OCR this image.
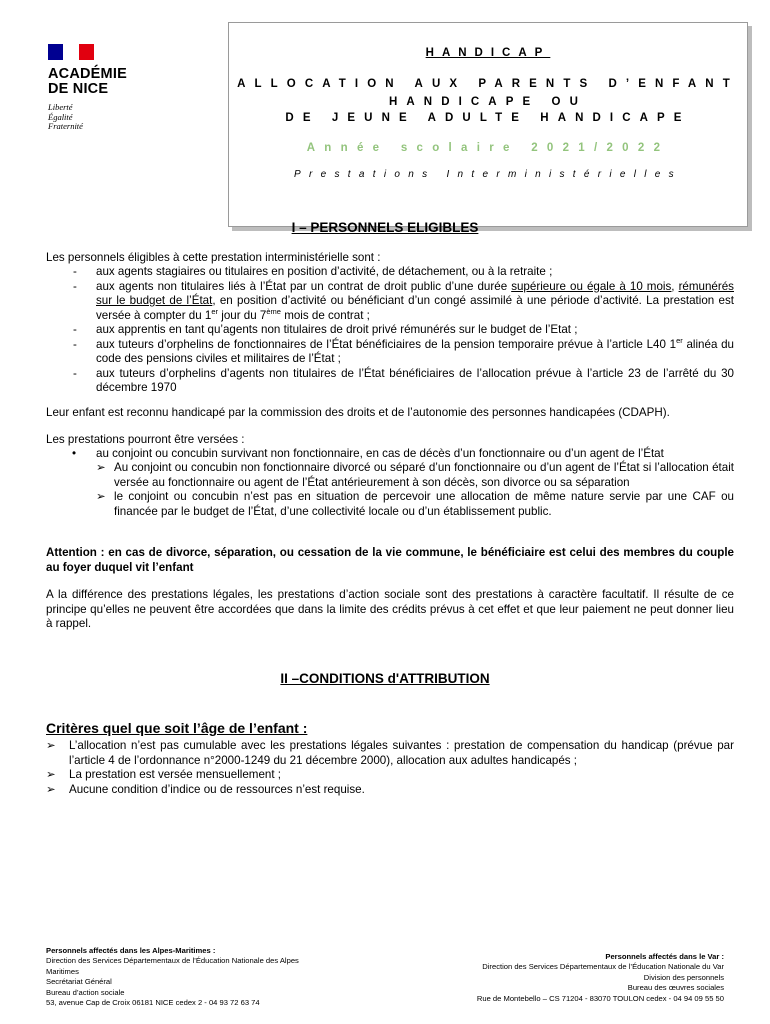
ACADÉMIE
DE NICE
Liberté
Égalité
Fraternité
HANDICAP
ALLOCATION AUX PARENTS D’ENFANT
HANDICAPE OU
DE JEUNE ADULTE HANDICAPE
Année scolaire 2021/2022
Prestations Interministérielles
I – PERSONNELS ELIGIBLES

Les personnels éligibles à cette prestation interministérielle sont :

- aux agents stagiaires ou titulaires en position d’activité, de détachement, ou à la retraite ;
- aux agents non titulaires liés à l’État par un contrat de droit public d’une durée supérieure ou égale à 10 mois, rémunérés sur le budget de l’État, en position d’activité ou bénéficiant d’un congé assimilé à une période d’activité. La prestation est versée à compter du 1er jour du 7ème mois de contrat ;
- aux apprentis en tant qu’agents non titulaires de droit privé rémunérés sur le budget de l’Etat ;
- aux tuteurs d’orphelins de fonctionnaires de l’État bénéficiaires de la pension temporaire prévue à l’article L40 1er alinéa du code des pensions civiles et militaires de l’État ;
- aux tuteurs d’orphelins d’agents non titulaires de l’État bénéficiaires de l’allocation prévue à l’article 23 de l’arrêté du 30 décembre 1970

Leur enfant est reconnu handicapé par la commission des droits et de l’autonomie des personnes handicapées (CDAPH).

Les prestations pourront être versées :

•	au conjoint ou concubin survivant non fonctionnaire, en cas de décès d’un fonctionnaire ou d’un agent de l’État
➢ Au conjoint ou concubin non fonctionnaire divorcé ou séparé d’un fonctionnaire ou d’un agent de l’État si l’allocation était versée au fonctionnaire ou agent de l’État antérieurement à son décès, son divorce ou sa séparation
➢ le conjoint ou concubin n’est pas en situation de percevoir une allocation de même nature servie par une CAF ou financée par le budget de l’État, d’une collectivité locale ou d’un établissement public.

Attention : en cas de divorce, séparation, ou cessation de la vie commune, le bénéficiaire est celui des membres du couple au foyer duquel vit l’enfant

A la différence des prestations légales, les prestations d’action sociale sont des prestations à caractère facultatif. Il résulte de ce principe qu’elles ne peuvent être accordées que dans la limite des crédits prévus à cet effet et que leur paiement ne peut donner lieu à rappel.

II –CONDITIONS d'ATTRIBUTION
Critères quel que soit l’âge de l’enfant :
➢ L’allocation n’est pas cumulable avec les prestations légales suivantes : prestation de compensation du handicap (prévue par l’article 4 de l’ordonnance n°2000-1249 du 21 décembre 2000), allocation aux adultes handicapés ;
➢ La prestation est versée mensuellement ;
➢ Aucune condition d’indice ou de ressources n’est requise.
Personnels affectés dans les Alpes-Maritimes :
Direction des Services Départementaux de l’Éducation Nationale des Alpes
Maritimes
Secrétariat Général
Bureau d’action sociale
53, avenue Cap de Croix 06181 NICE cedex 2 - 04 93 72 63 74
Personnels affectés dans le Var :
Direction des Services Départementaux de l’Éducation Nationale du Var
Division des personnels
Bureau des œuvres sociales
Rue de Montebello – CS 71204 - 83070 TOULON cedex - 04 94 09 55 50
